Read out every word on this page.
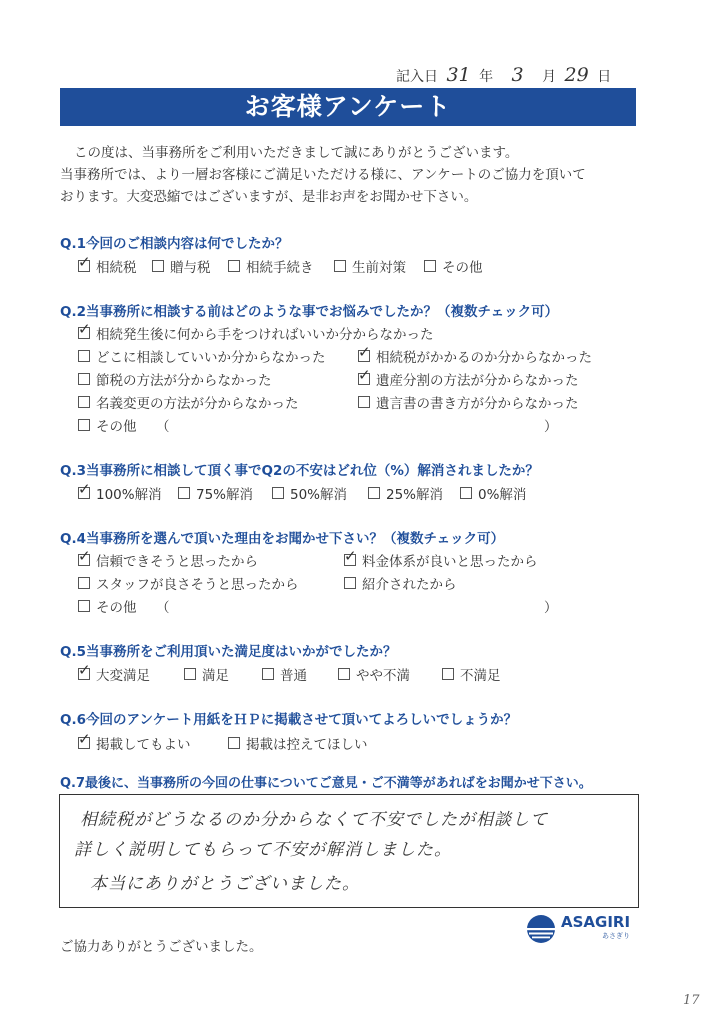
記入日 31 年 3 月 29 日
お客様アンケート
この度は、当事務所をご利用いただきまして誠にありがとうございます。
当事務所では、より一層お客様にご満足いただける様に、アンケートのご協力を頂いて
おります。大変恐縮ではございますが、是非お声をお聞かせ下さい。
Q.1今回のご相談内容は何でしたか？
✓
相続税 贈与税	相続手続き	生前対策	その他
Q.2当事務所に相談する前はどのような事でお悩みでしたか？（複数チェック可）
✓
相続発生後に何から手をつければいいか分からなかった
どこに相談していいか分からなかった ✓	相続税がかかるのか分からなかった
節税の方法が分からなかった ✓	遺産分割の方法が分からなかった
名義変更の方法が分からなかった	遺言書の書き方が分からなかった
その他 （	）
Q.3当事務所に相談して頂く事でQ2の不安はどれ位（%）解消されましたか？
✓
100%解消	75%解消	50%解消	25%解消	0%解消
Q.4当事務所を選んで頂いた理由をお聞かせ下さい？（複数チェック可）
✓
信頼できそうと思ったから ✓	料金体系が良いと思ったから
スタッフが良さそうと思ったから	紹介されたから
その他 （	）
Q.5当事務所をご利用頂いた満足度はいかがでしたか？
✓
大変満足	満足	普通	やや不満	不満足
Q.6今回のアンケート用紙をＨＰに掲載させて頂いてよろしいでしょうか？
✓
掲載してもよい	掲載は控えてほしい
Q.7最後に、当事務所の今回の仕事についてご意見・ご不満等があればをお聞かせ下さい。
相続税がどうなるのか分からなくて不安でしたが相談して
詳しく説明してもらって不安が解消しました。
本当にありがとうございました。
ご協力ありがとうございました。
ASAGIRI
あさぎり
17
